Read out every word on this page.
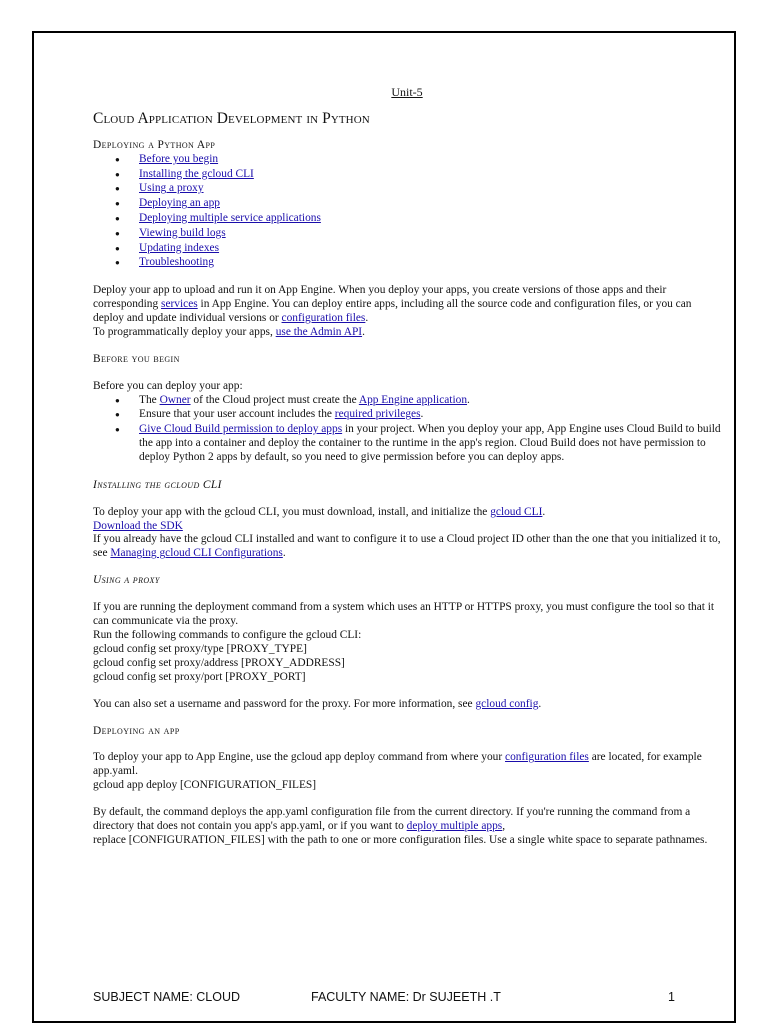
Unit-5

Cloud Application Development in Python
Deploying a Python App
● Before you begin
● Installing the gcloud CLI
● Using a proxy
● Deploying an app
● Deploying multiple service applications
● Viewing build logs
● Updating indexes
● Troubleshooting

Deploy your app to upload and run it on App Engine. When you deploy your apps, you create versions of those apps and their corresponding services in App Engine. You can deploy entire apps, including all the source code and configuration files, or you can deploy and update individual versions or configuration files.

To programmatically deploy your apps, use the Admin API.

Before you begin

Before you can deploy your app:

● The Owner of the Cloud project must create the App Engine application.
● Ensure that your user account includes the required privileges.
● Give Cloud Build permission to deploy apps in your project. When you deploy your app, App Engine uses Cloud Build to build the app into a container and deploy the container to the runtime in the app's region. Cloud Build does not have permission to deploy Python 2 apps by default, so you need to give permission before you can deploy apps.
Installing the gcloud CLI

To deploy your app with the gcloud CLI, you must download, install, and initialize the gcloud CLI.

Download the SDK

If you already have the gcloud CLI installed and want to configure it to use a Cloud project ID other than the one that you initialized it to, see Managing gcloud CLI Configurations.

Using a proxy

If you are running the deployment command from a system which uses an HTTP or HTTPS proxy, you must configure the tool so that it can communicate via the proxy.

Run the following commands to configure the gcloud CLI:

gcloud config set proxy/type [PROXY_TYPE]

gcloud config set proxy/address [PROXY_ADDRESS]

gcloud config set proxy/port [PROXY_PORT]

You can also set a username and password for the proxy. For more information, see gcloud config.

Deploying an app

To deploy your app to App Engine, use the gcloud app deploy command from where your configuration files are located, for example app.yaml.

gcloud app deploy [CONFIGURATION_FILES]

By default, the command deploys the app.yaml configuration file from the current directory. If you're running the command from a directory that does not contain you app's app.yaml, or if you want to deploy multiple apps,
replace [CONFIGURATION_FILES] with the path to one or more configuration files. Use a single white space to separate pathnames.

SUBJECT NAME: CLOUD	FACULTY NAME: Dr SUJEETH .T	1
